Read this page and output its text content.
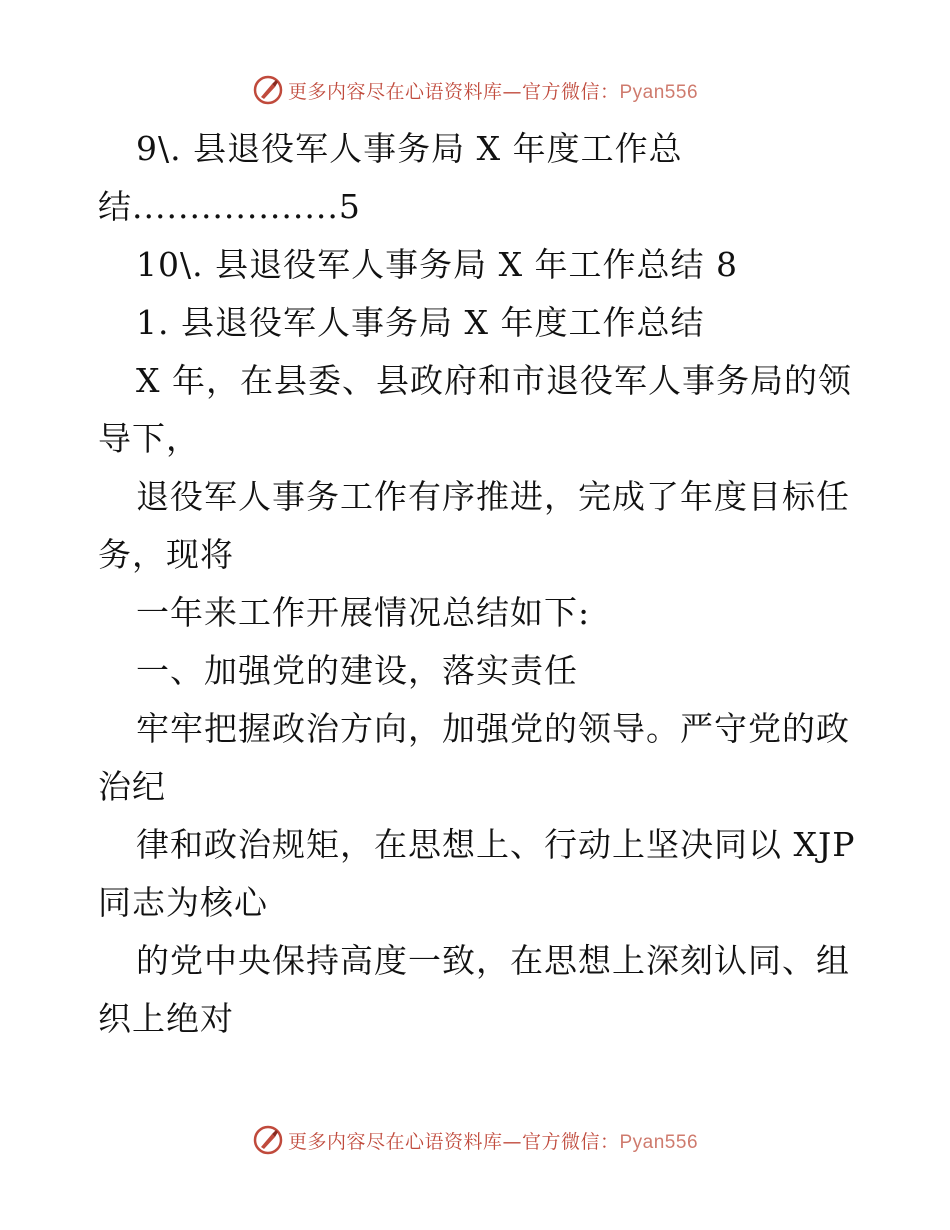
更多内容尽在心语资料库—官方微信：Pyan556
9\. 县退役军人事务局 X 年度工作总
结..................5
10\. 县退役军人事务局 X 年工作总结 8
1. 县退役军人事务局 X 年度工作总结
X 年，在县委、县政府和市退役军人事务局的领
导下，
退役军人事务工作有序推进，完成了年度目标任
务，现将
一年来工作开展情况总结如下:
一、加强党的建设，落实责任
牢牢把握政治方向，加强党的领导。严守党的政
治纪
律和政治规矩，在思想上、行动上坚决同以 XJP
同志为核心
的党中央保持高度一致，在思想上深刻认同、组
织上绝对
更多内容尽在心语资料库—官方微信：Pyan556
